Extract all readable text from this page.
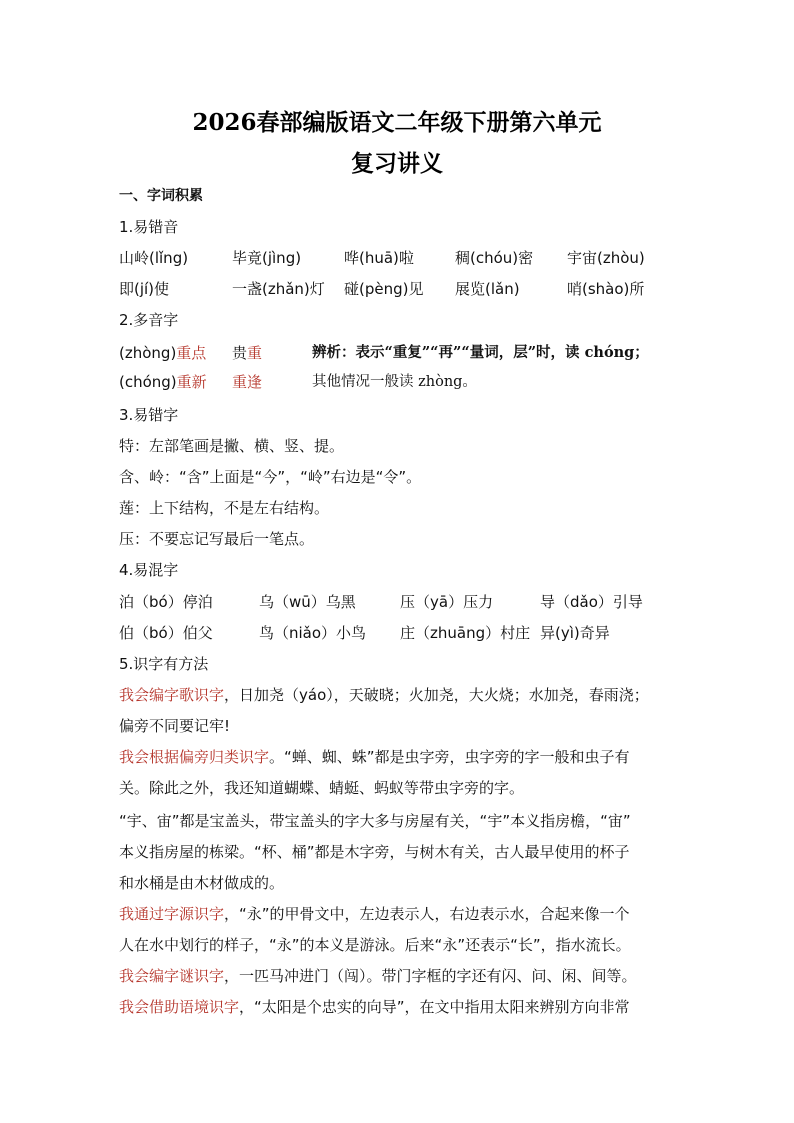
2026春部编版语文二年级下册第六单元
复习讲义
一、字词积累
1.易错音
山岭(lǐng)	毕竟(jìng)	哗(huā)啦	稠(chóu)密 宇宙(zhòu)
即(jí)使	一盏(zhǎn)灯 碰(pèng)见 展览(lǎn)	哨(shào)所
2.多音字
(zhòng)重点 贵重
(chóng)重新 重逢
辨析：表示“重复”“再”“量词，层”时，读 chóng；
其他情况一般读 zhòng。
3.易错字
特：左部笔画是撇、横、竖、提。
含、岭：“含”上面是“今”，“岭”右边是“令”。
莲：上下结构，不是左右结构。
压：不要忘记写最后一笔点。
4.易混字
泊（bó）停泊	乌（wū）乌黑	压（yā）压力	导（dǎo）引导
伯（bó）伯父	鸟（niǎo）小鸟 庄（zhuāng）村庄 异(yì)奇异
5.识字有方法
我会编字歌识字，日加尧（yáo），天破晓；火加尧，大火烧；水加尧，春雨浇；
偏旁不同要记牢!
我会根据偏旁归类识字。“蝉、蜘、蛛”都是虫字旁，虫字旁的字一般和虫子有
关。除此之外，我还知道蝴蝶、蜻蜓、蚂蚁等带虫字旁的字。
“宇、宙”都是宝盖头，带宝盖头的字大多与房屋有关，“宇”本义指房檐，“宙”
本义指房屋的栋梁。“杯、桶”都是木字旁，与树木有关，古人最早使用的杯子
和水桶是由木材做成的。
我通过字源识字，“永”的甲骨文中，左边表示人，右边表示水，合起来像一个
人在水中划行的样子，“永”的本义是游泳。后来“永”还表示“长”，指水流长。
我会编字谜识字，一匹马冲进门（闯）。带门字框的字还有闪、问、闲、间等。
我会借助语境识字，“太阳是个忠实的向导”，在文中指用太阳来辨别方向非常
